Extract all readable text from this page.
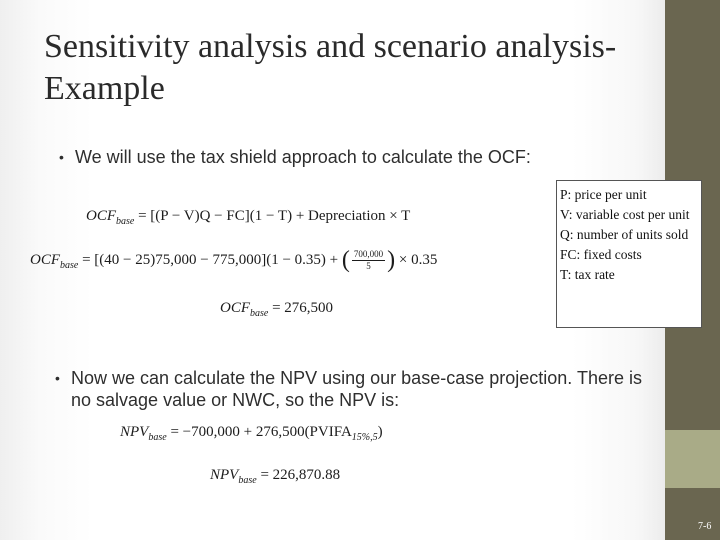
7-6
Sensitivity analysis and scenario analysis-Example
• We will use the tax shield approach to calculate the OCF:
$OCF_{base} = [(P - V)Q - FC](1 - T)$ + Depreciation × T
$OCF_{base} = [(40 - 25)75,000 - 775,000](1 - 0.35)$ + ( $\frac{700,000}{5}$ ) × 0.35
$OCF_{base} = 276,500$
P: price per unit
V: variable cost per unit
Q: number of units sold
FC: fixed costs
T: tax rate
• Now we can calculate the NPV using our base-case projection. There is no salvage value or NWC, so the NPV is:
$NPV_{base} = -700,000$ + $276,500(PVIFA_{15\%,5})$
$NPV_{base} = 226,870.88$
